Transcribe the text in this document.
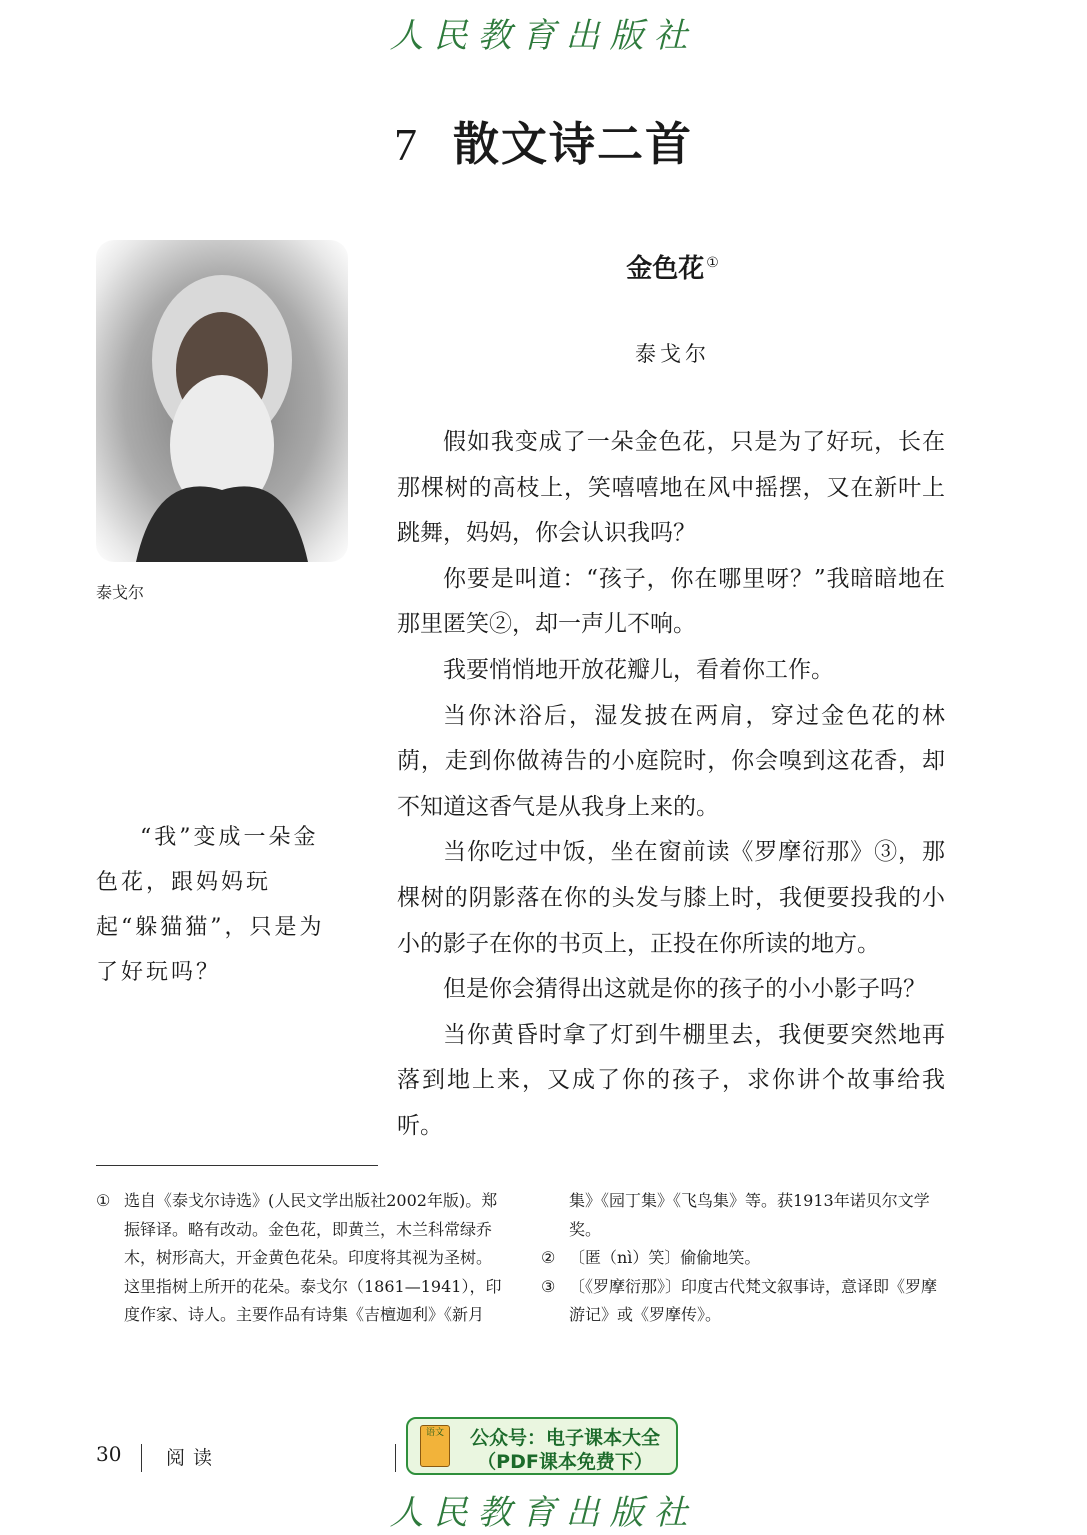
人民教育出版社
7 散文诗二首
泰戈尔
金色花 ①
泰戈尔

假如我变成了一朵金色花，只是为了好玩，长在那棵树的高枝上，笑嘻嘻地在风中摇摆，又在新叶上跳舞，妈妈，你会认识我吗？

你要是叫道：“孩子，你在哪里呀？”我暗暗地在那里匿笑②，却一声儿不响。

我要悄悄地开放花瓣儿，看着你工作。

当你沐浴后，湿发披在两肩，穿过金色花的林荫，走到你做祷告的小庭院时，你会嗅到这花香，却不知道这香气是从我身上来的。

当你吃过中饭，坐在窗前读《罗摩衍那》③，那棵树的阴影落在你的头发与膝上时，我便要投我的小小的影子在你的书页上，正投在你所读的地方。

但是你会猜得出这就是你的孩子的小小影子吗？

当你黄昏时拿了灯到牛棚里去，我便要突然地再落到地上来，又成了你的孩子，求你讲个故事给我听。

“我”变成一朵金色花，跟妈妈玩起“躲猫猫”，只是为了好玩吗？

① 选自《泰戈尔诗选》(人民文学出版社2002年版)。郑振铎译。略有改动。金色花，即黄兰，木兰科常绿乔木，树形高大，开金黄色花朵。印度将其视为圣树。这里指树上所开的花朵。泰戈尔（1861—1941），印度作家、诗人。主要作品有诗集《吉檀迦利》《新月
集》《园丁集》《飞鸟集》等。获1913年诺贝尔文学奖。
② 〔匿（nì）笑〕偷偷地笑。
③ 〔《罗摩衍那》〕印度古代梵文叙事诗，意译即《罗摩游记》或《罗摩传》。
30 阅读
语文	公众号：电子课本大全
（PDF课本免费下）
人民教育出版社
